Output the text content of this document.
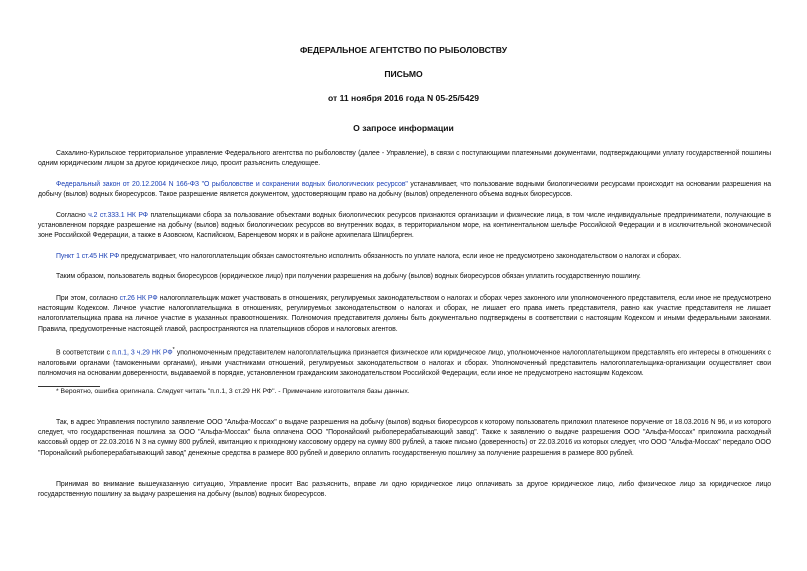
ФЕДЕРАЛЬНОЕ АГЕНТСТВО ПО РЫБОЛОВСТВУ
ПИСЬМО
от 11 ноября 2016 года N 05-25/5429
О запросе информации

Сахалино-Курильское территориальное управление Федерального агентства по рыболовству (далее - Управление), в связи с поступающими платежными документами, подтверждающими уплату государственной пошлины одним юридическим лицом за другое юридическое лицо, просит разъяснить следующее.

Федеральный закон от 20.12.2004 N 166-ФЗ "О рыболовстве и сохранении водных биологических ресурсов" устанавливает, что пользование водными биологическими ресурсами происходит на основании разрешения на добычу (вылов) водных биоресурсов. Такое разрешение является документом, удостоверяющим право на добычу (вылов) определенного объема водных биоресурсов.

Согласно ч.2 ст.333.1 НК РФ плательщиками сбора за пользование объектами водных биологических ресурсов признаются организации и физические лица, в том числе индивидуальные предприниматели, получающие в установленном порядке разрешение на добычу (вылов) водных биологических ресурсов во внутренних водах, в территориальном море, на континентальном шельфе Российской Федерации и в исключительной экономической зоне Российской Федерации, а также в Азовском, Каспийском, Баренцевом морях и в районе архипелага Шпицберген.

Пункт 1 ст.45 НК РФ предусматривает, что налогоплательщик обязан самостоятельно исполнить обязанность по уплате налога, если иное не предусмотрено законодательством о налогах и сборах.

Таким образом, пользователь водных биоресурсов (юридическое лицо) при получении разрешения на добычу (вылов) водных биоресурсов обязан уплатить государственную пошлину.

При этом, согласно ст.26 НК РФ налогоплательщик может участвовать в отношениях, регулируемых законодательством о налогах и сборах через законного или уполномоченного представителя, если иное не предусмотрено настоящим Кодексом. Личное участие налогоплательщика в отношениях, регулируемых законодательством о налогах и сборах, не лишает его права иметь представителя, равно как участие представителя не лишает налогоплательщика права на личное участие в указанных правоотношениях. Полномочия представителя должны быть документально подтверждены в соответствии с настоящим Кодексом и иными федеральными законами. Правила, предусмотренные настоящей главой, распространяются на плательщиков сборов и налоговых агентов.

В соответствии с п.п.1, 3 ч.29 НК РФ* уполномоченным представителем налогоплательщика признается физическое или юридическое лицо, уполномоченное налогоплательщиком представлять его интересы в отношениях с налоговыми органами (таможенными органами), иными участниками отношений, регулируемых законодательством о налогах и сборах. Уполномоченный представитель налогоплательщика-организации осуществляет свои полномочия на основании доверенности, выдаваемой в порядке, установленном гражданским законодательством Российской Федерации, если иное не предусмотрено настоящим Кодексом.

* Вероятно, ошибка оригинала. Следует читать "п.п.1, 3 ст.29 НК РФ". - Примечание изготовителя базы данных.

Так, в адрес Управления поступило заявление ООО "Альфа-Моссах" о выдаче разрешения на добычу (вылов) водных биоресурсов к которому пользователь приложил платежное поручение от 18.03.2016 N 96, и из которого следует, что государственная пошлина за ООО "Альфа-Моссах" была оплачена ООО "Поронайский рыбоперерабатывающий завод". Также к заявлению о выдаче разрешения ООО "Альфа-Моссах" приложила расходный кассовый ордер от 22.03.2016 N 3 на сумму 800 рублей, квитанцию к приходному кассовому ордеру на сумму 800 рублей, а также письмо (доверенность) от 22.03.2016 из которых следует, что ООО "Альфа-Моссах" передало ООО "Поронайский рыбоперерабатывающий завод" денежные средства в размере 800 рублей и доверило оплатить государственную пошлину за получение разрешения в размере 800 рублей.

Принимая во внимание вышеуказанную ситуацию, Управление просит Вас разъяснить, вправе ли одно юридическое лицо оплачивать за другое юридическое лицо, либо физическое лицо за юридическое лицо государственную пошлину за выдачу разрешения на добычу (вылов) водных биоресурсов.
